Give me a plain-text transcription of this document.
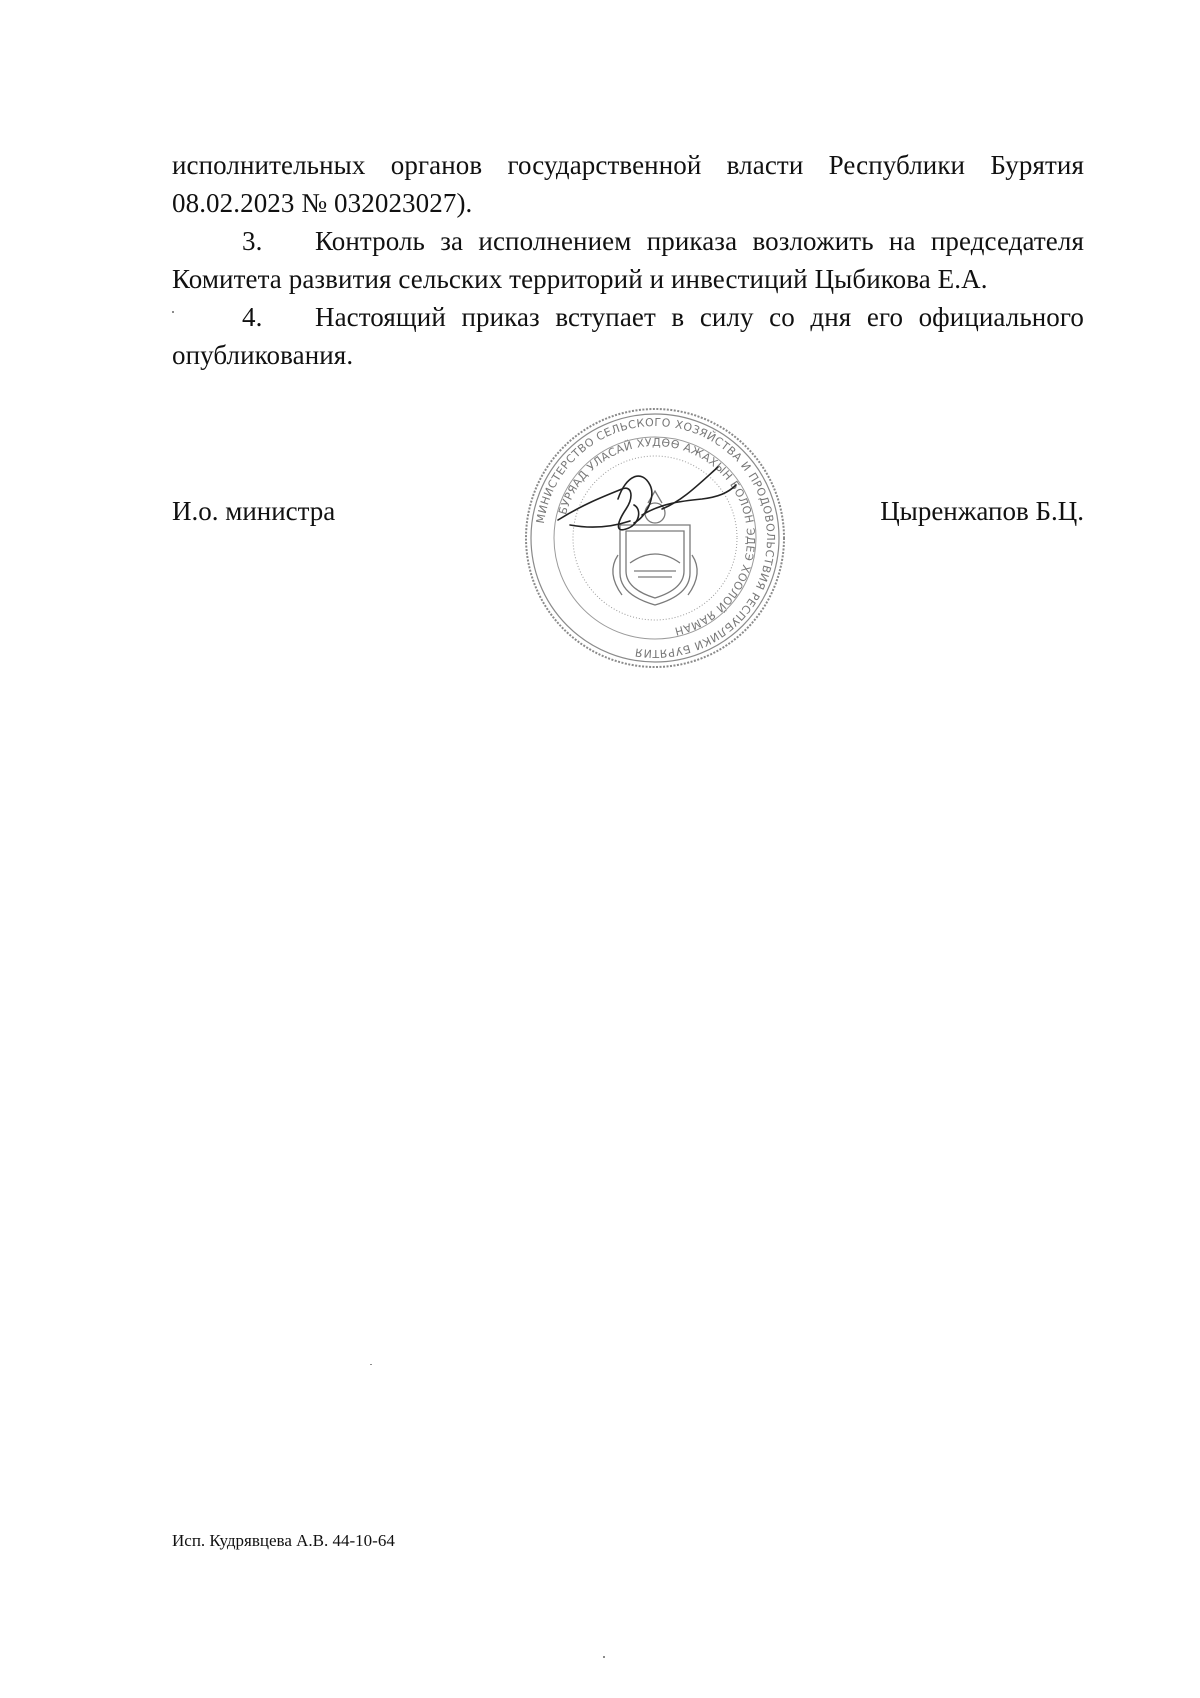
исполнительных органов государственной власти Республики Бурятия
08.02.2023 № 032023027).

3. Контроль за исполнением приказа возложить на председателя
Комитета развития сельских территорий и инвестиций Цыбикова Е.А.

4. Настоящий приказ вступает в силу со дня его официального
опубликования.

МИНИСТЕРСТВО СЕЛЬСКОГО ХОЗЯЙСТВА И ПРОДОВОЛЬСТВИЯ РЕСПУБЛИКИ БУРЯТИЯ
БУРЯАД УЛАСАЙ ХУДӨӨ АЖАХЫН БОЛОН ЭДЕЭ ХООЛОЙ ЯАМАН
И.о. министра	Цыренжапов Б.Ц.
Исп. Кудрявцева А.В. 44-10-64
